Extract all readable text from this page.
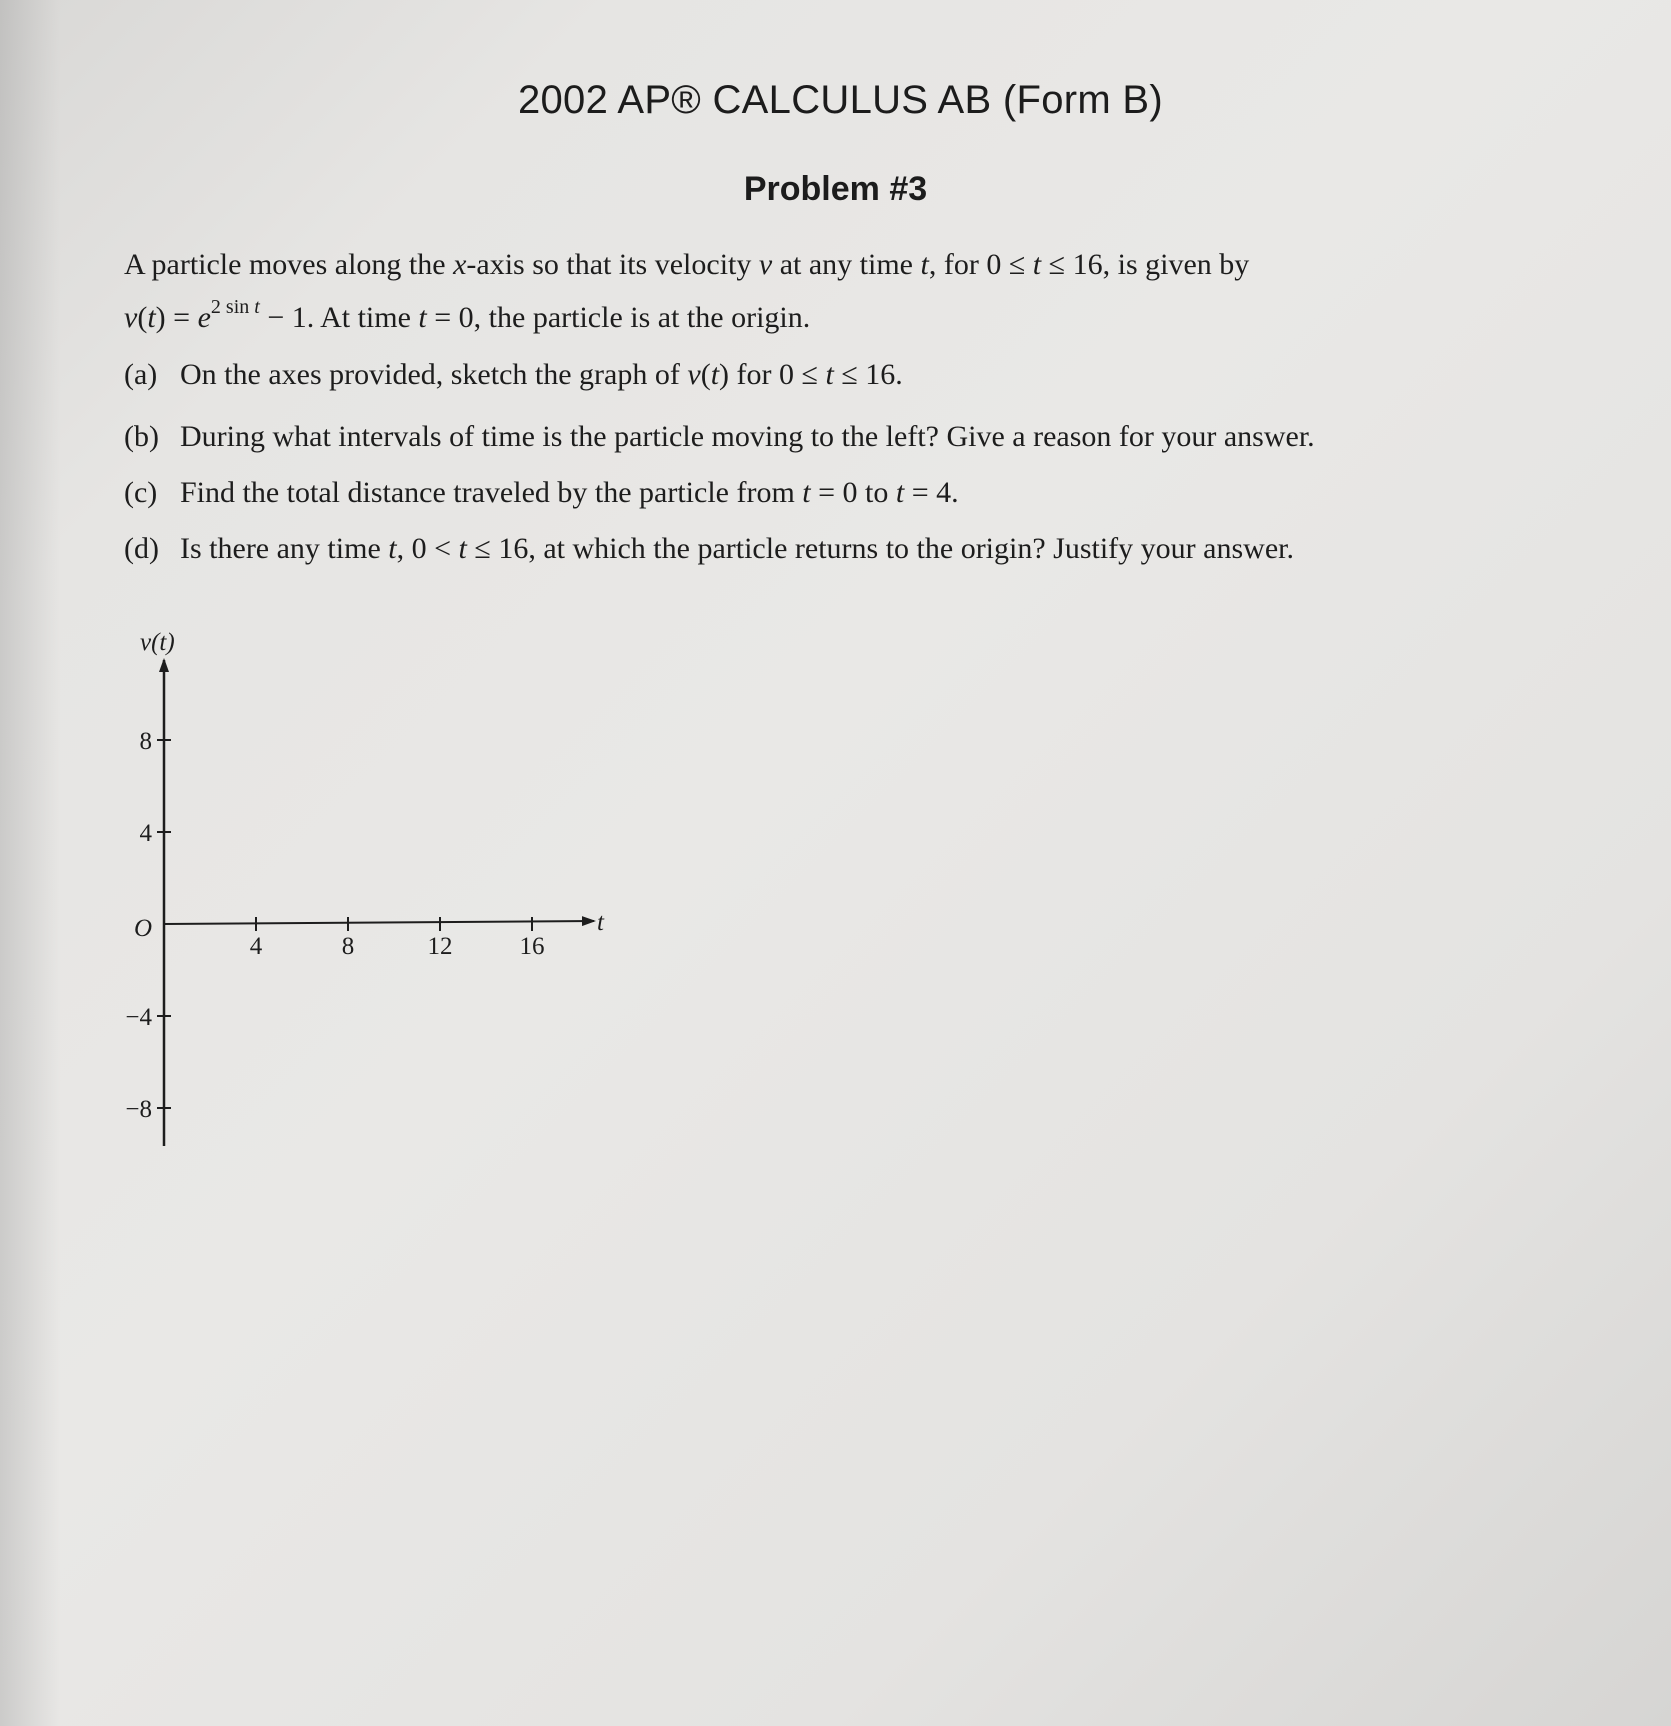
2002 AP® CALCULUS AB (Form B)
Problem #3
A particle moves along the x-axis so that its velocity v at any time t, for 0 ≤ t ≤ 16, is given by
$v(t) = e^{2 sin t} - 1$. At time t = 0, the particle is at the origin.
(a) On the axes provided, sketch the graph of v(t) for 0 ≤ t ≤ 16.
(b) During what intervals of time is the particle moving to the left? Give a reason for your answer.
(c) Find the total distance traveled by the particle from t = 0 to t = 4.
(d) Is there any time t, 0 < t ≤ 16, at which the particle returns to the origin? Justify your answer.
4	8	12	16
8
4
−4
−8
v(t)
t
O
